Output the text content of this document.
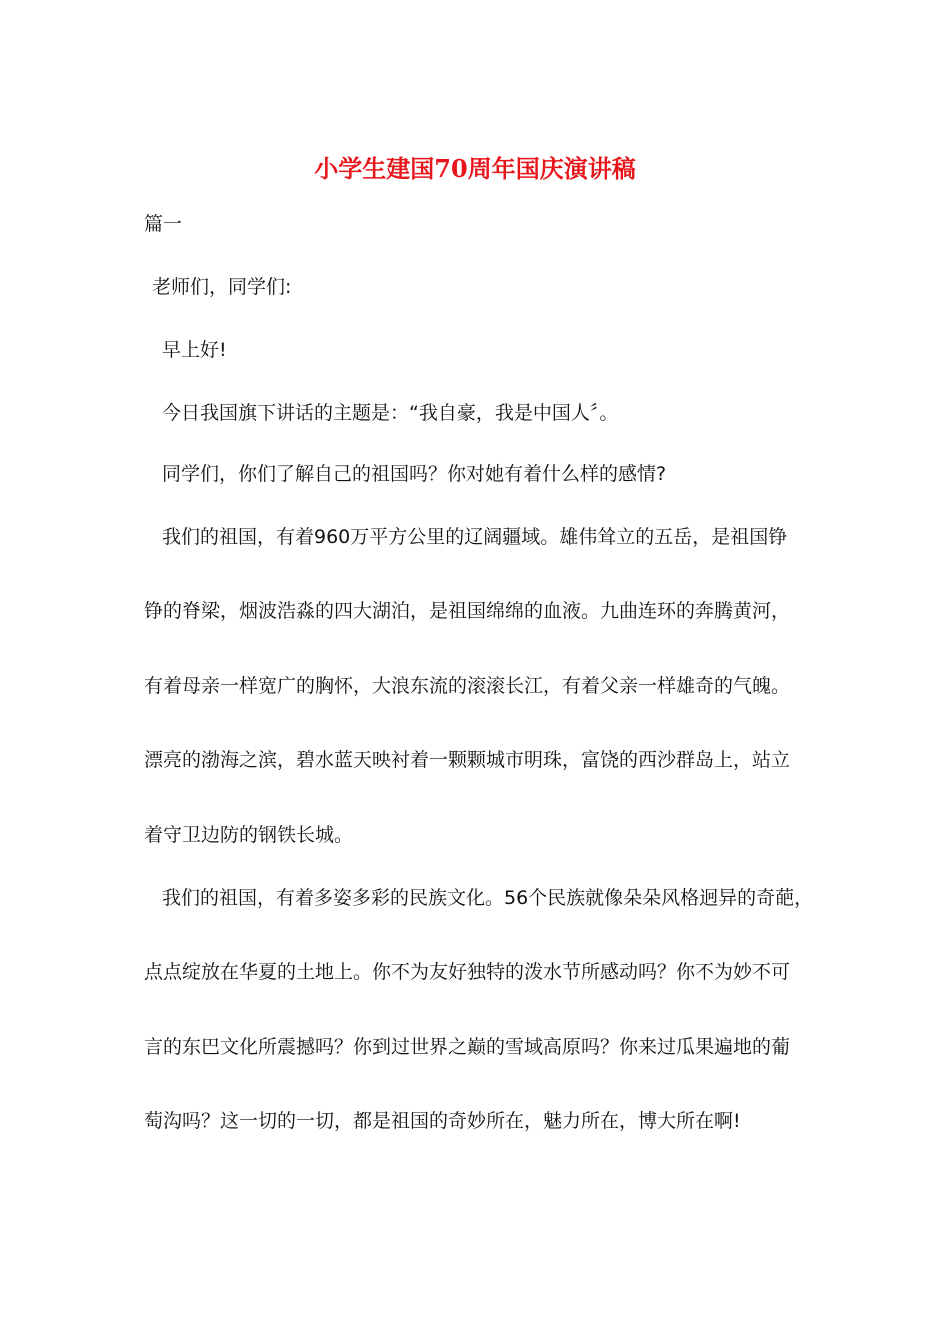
小学生建国70周年国庆演讲稿
篇一
老师们，同学们:
早上好!
今日我国旗下讲话的主题是：“我自豪，我是中国人〞。
同学们，你们了解自己的祖国吗？你对她有着什么样的感情?
我们的祖国，有着960万平方公里的辽阔疆域。雄伟耸立的五岳，是祖国铮
铮的脊梁，烟波浩淼的四大湖泊，是祖国绵绵的血液。九曲连环的奔腾黄河，
有着母亲一样宽广的胸怀，大浪东流的滚滚长江，有着父亲一样雄奇的气魄。
漂亮的渤海之滨，碧水蓝天映衬着一颗颗城市明珠，富饶的西沙群岛上，站立
着守卫边防的钢铁长城。
我们的祖国，有着多姿多彩的民族文化。56个民族就像朵朵风格迥异的奇葩，
点点绽放在华夏的土地上。你不为友好独特的泼水节所感动吗？你不为妙不可
言的东巴文化所震撼吗？你到过世界之巅的雪域高原吗？你来过瓜果遍地的葡
萄沟吗？这一切的一切，都是祖国的奇妙所在，魅力所在，博大所在啊!
